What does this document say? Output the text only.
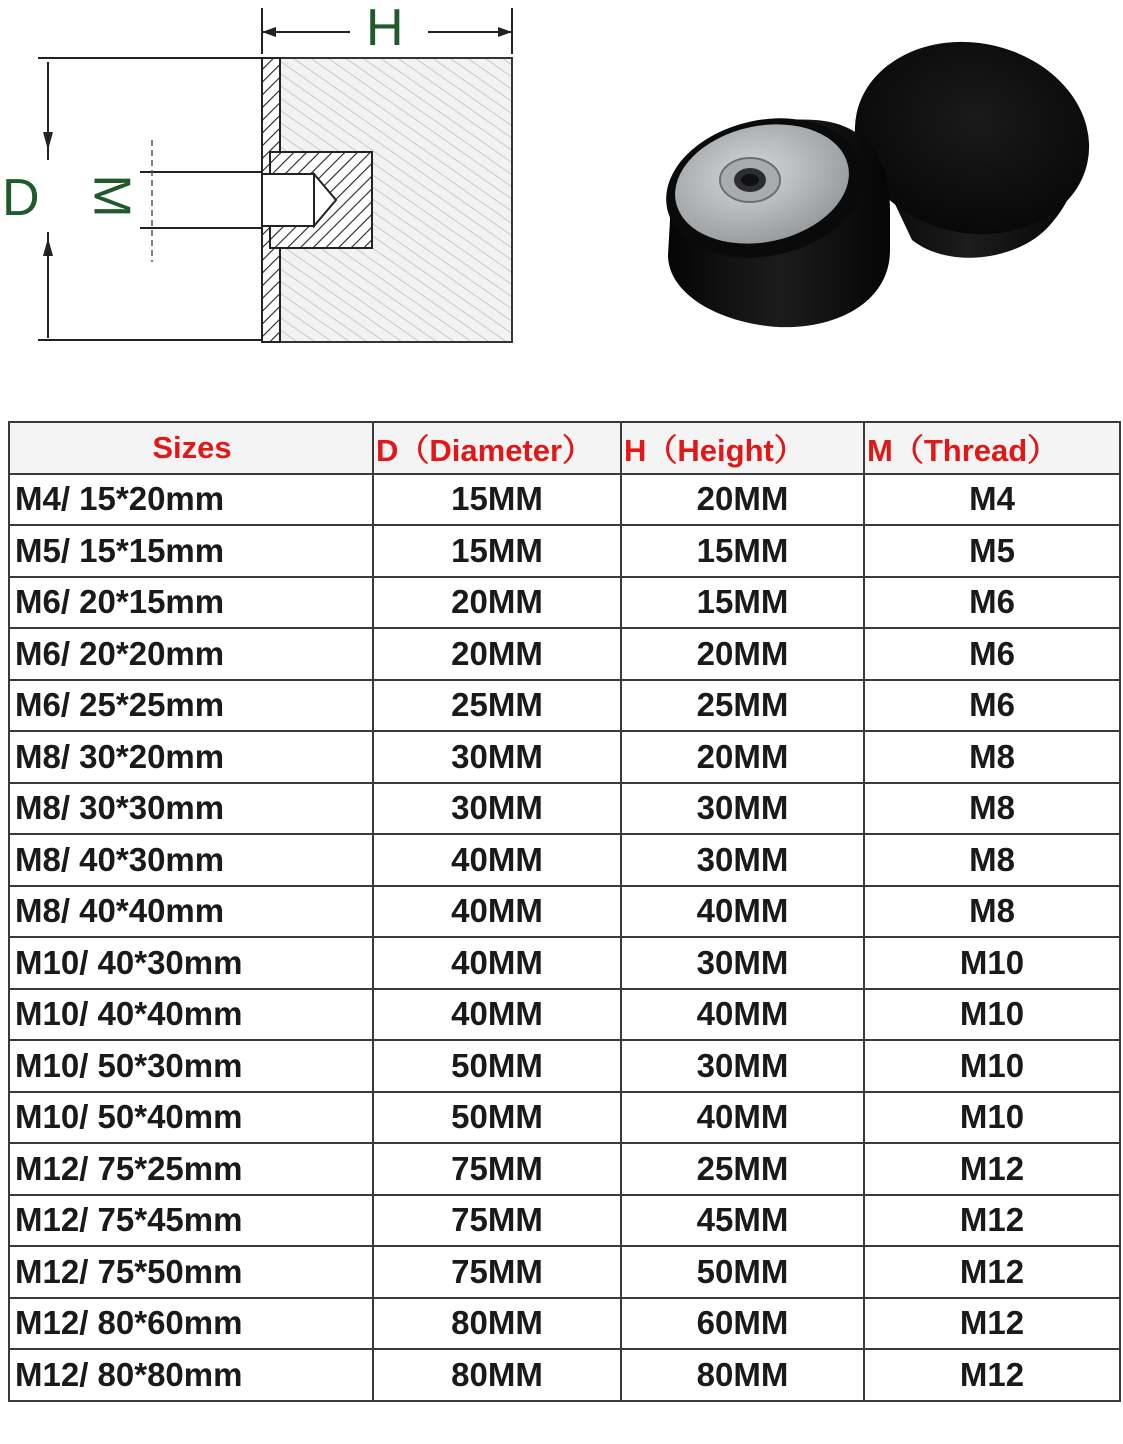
H
D M
Sizes	D（Diameter）	H（Height）	M（Thread）
M4/ 15*20mm	15MM	20MM	M4
M5/ 15*15mm	15MM	15MM	M5
M6/ 20*15mm	20MM	15MM	M6
M6/ 20*20mm	20MM	20MM	M6
M6/ 25*25mm	25MM	25MM	M6
M8/ 30*20mm	30MM	20MM	M8
M8/ 30*30mm	30MM	30MM	M8
M8/ 40*30mm	40MM	30MM	M8
M8/ 40*40mm	40MM	40MM	M8
M10/ 40*30mm	40MM	30MM	M10
M10/ 40*40mm	40MM	40MM	M10
M10/ 50*30mm	50MM	30MM	M10
M10/ 50*40mm	50MM	40MM	M10
M12/ 75*25mm	75MM	25MM	M12
M12/ 75*45mm	75MM	45MM	M12
M12/ 75*50mm	75MM	50MM	M12
M12/ 80*60mm	80MM	60MM	M12
M12/ 80*80mm	80MM	80MM	M12
